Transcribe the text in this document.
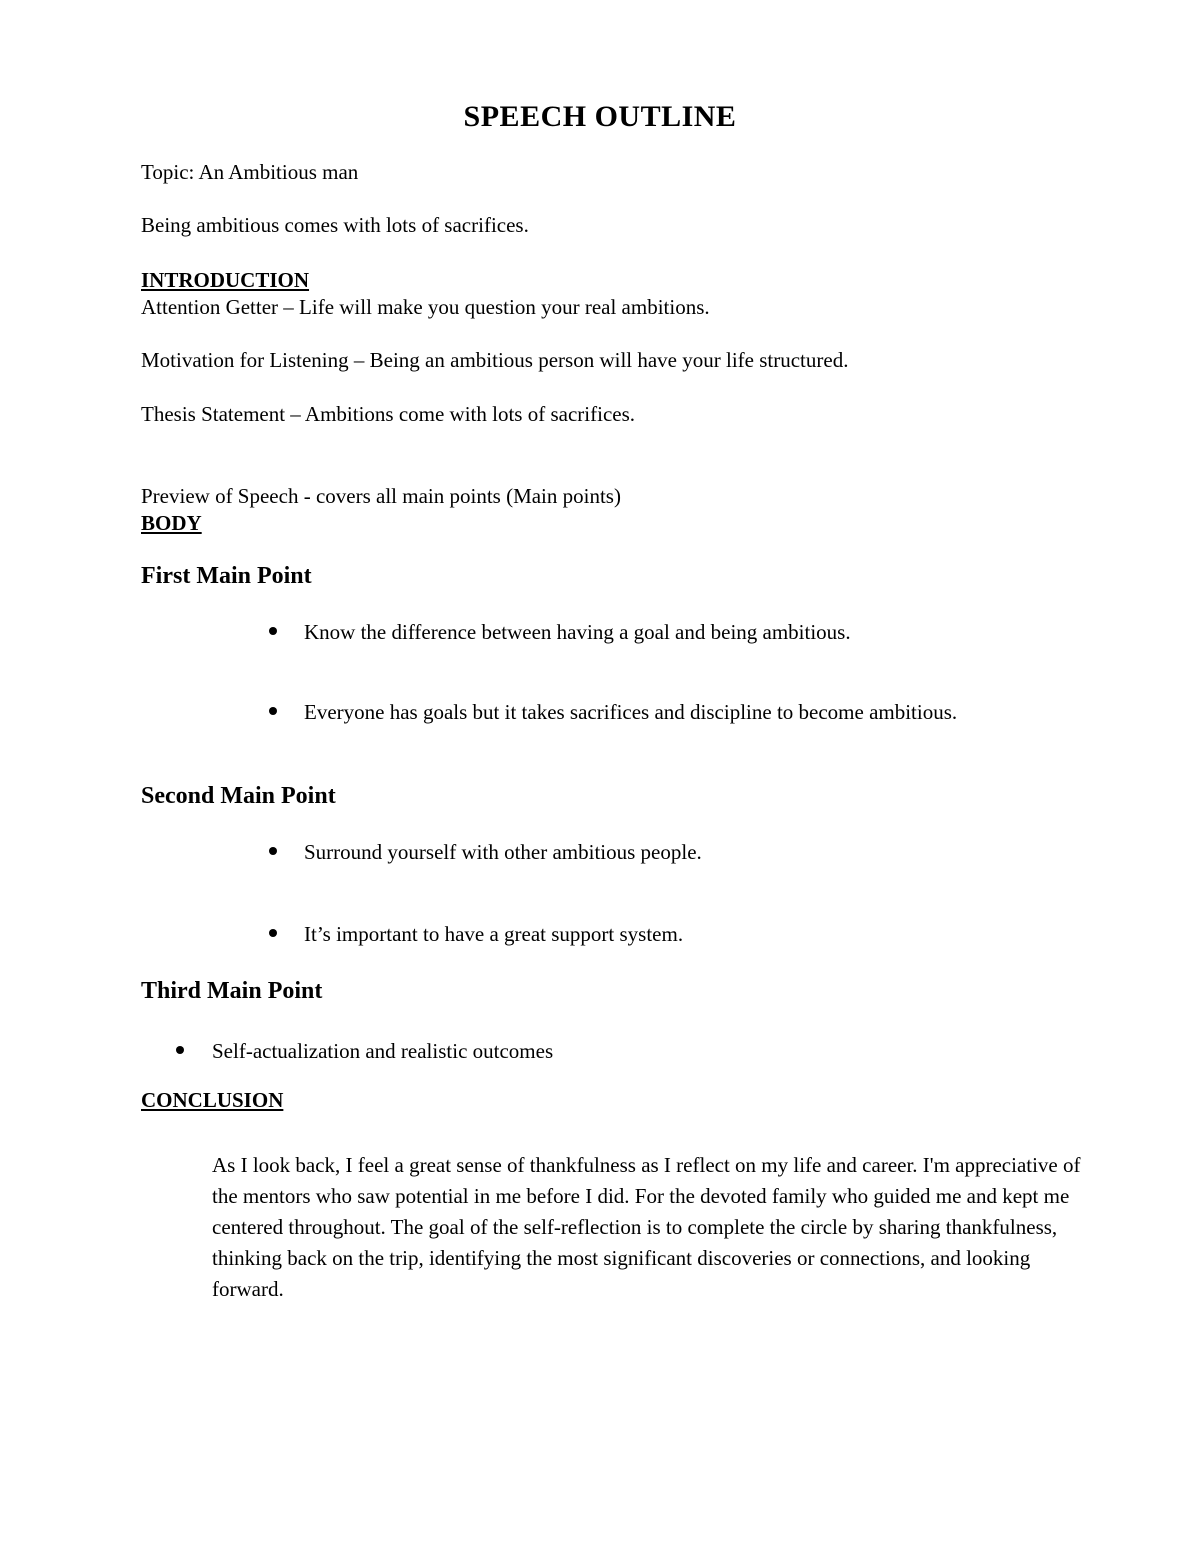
SPEECH OUTLINE
Topic: An Ambitious man
Being ambitious comes with lots of sacrifices.
INTRODUCTION
Attention Getter – Life will make you question your real ambitions.
Motivation for Listening – Being an ambitious person will have your life structured.
Thesis Statement – Ambitions come with lots of sacrifices.
Preview of Speech - covers all main points (Main points)
BODY
First Main Point
Know the difference between having a goal and being ambitious.
Everyone has goals but it takes sacrifices and discipline to become ambitious.
Second Main Point
Surround yourself with other ambitious people.
It’s important to have a great support system.
Third Main Point
Self-actualization and realistic outcomes
CONCLUSION
As I look back, I feel a great sense of thankfulness as I reflect on my life and career. I'm appreciative of the mentors who saw potential in me before I did. For the devoted family who guided me and kept me centered throughout. The goal of the self-reflection is to complete the circle by sharing thankfulness, thinking back on the trip, identifying the most significant discoveries or connections, and looking forward.
